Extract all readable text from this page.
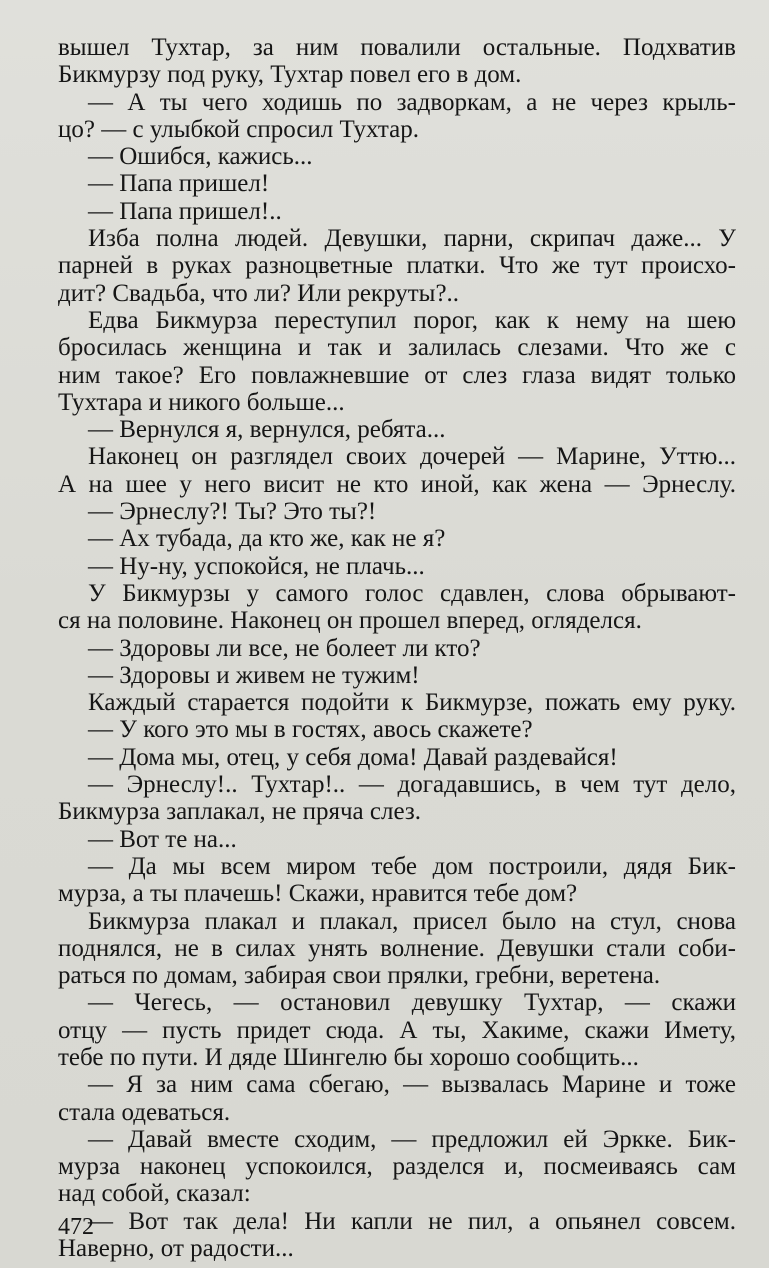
вышел Тухтар, за ним повалили остальные. Подхватив
Бикмурзу под руку, Тухтар повел его в дом.
— А ты чего ходишь по задворкам, а не через крыль-
цо? — с улыбкой спросил Тухтар.
— Ошибся, кажись...
— Папа пришел!
— Папа пришел!..
Изба полна людей. Девушки, парни, скрипач даже... У
парней в руках разноцветные платки. Что же тут происхо-
дит? Свадьба, что ли? Или рекруты?..
Едва Бикмурза переступил порог, как к нему на шею
бросилась женщина и так и залилась слезами. Что же с
ним такое? Его повлажневшие от слез глаза видят только
Тухтара и никого больше...
— Вернулся я, вернулся, ребята...
Наконец он разглядел своих дочерей — Марине, Уттю...
А на шее у него висит не кто иной, как жена — Эрнеслу.
— Эрнеслу?! Ты? Это ты?!
— Ах тубада, да кто же, как не я?
— Ну-ну, успокойся, не плачь...
У Бикмурзы у самого голос сдавлен, слова обрывают-
ся на половине. Наконец он прошел вперед, огляделся.
— Здоровы ли все, не болеет ли кто?
— Здоровы и живем не тужим!
Каждый старается подойти к Бикмурзе, пожать ему руку.
— У кого это мы в гостях, авось скажете?
— Дома мы, отец, у себя дома! Давай раздевайся!
— Эрнеслу!.. Тухтар!.. — догадавшись, в чем тут дело,
Бикмурза заплакал, не пряча слез.
— Вот те на...
— Да мы всем миром тебе дом построили, дядя Бик-
мурза, а ты плачешь! Скажи, нравится тебе дом?
Бикмурза плакал и плакал, присел было на стул, снова
поднялся, не в силах унять волнение. Девушки стали соби-
раться по домам, забирая свои прялки, гребни, веретена.
— Чегесь, — остановил девушку Тухтар, — скажи
отцу — пусть придет сюда. А ты, Хакиме, скажи Имету,
тебе по пути. И дяде Шингелю бы хорошо сообщить...
— Я за ним сама сбегаю, — вызвалась Марине и тоже
стала одеваться.
— Давай вместе сходим, — предложил ей Эркке. Бик-
мурза наконец успокоился, разделся и, посмеиваясь сам
над собой, сказал:
— Вот так дела! Ни капли не пил, а опьянел совсем.
Наверно, от радости...
472
